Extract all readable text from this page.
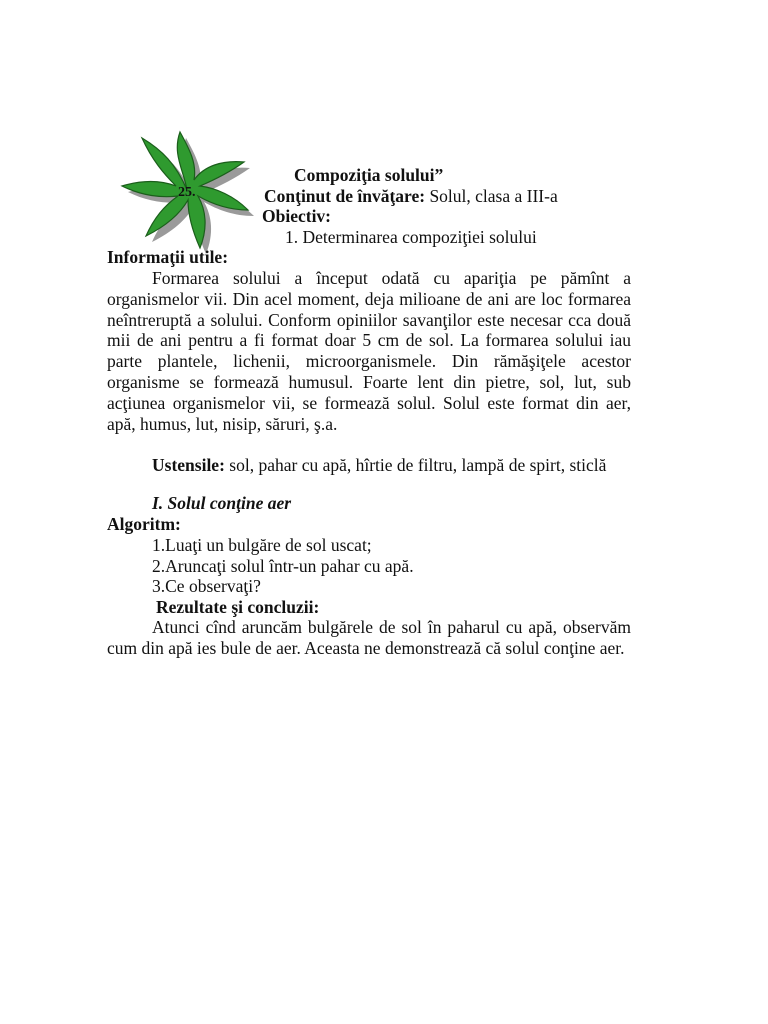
25.
Compoziţia solului”
Conţinut de învăţare: Solul, clasa a III-a
Obiectiv:
1. Determinarea compoziţiei solului
Informaţii utile:
Formarea solului a început odată cu apariţia pe pămînt a organismelor vii. Din acel moment, deja milioane de ani are loc formarea neîntreruptă a solului. Conform opiniilor savanţilor este necesar cca două mii de ani pentru a fi format doar 5 cm de sol. La formarea solului iau parte plantele, lichenii, microorganismele. Din rămăşiţele acestor organisme se formează humusul. Foarte lent din pietre, sol, lut, sub acţiunea organismelor vii, se formează solul. Solul este format din aer, apă, humus, lut, nisip, săruri, ş.a.
Ustensile: sol, pahar cu apă, hîrtie de filtru, lampă de spirt, sticlă
I. Solul conţine aer
Algoritm:
1.Luaţi un bulgăre de sol uscat;
2.Aruncaţi solul într-un pahar cu apă.
3.Ce observaţi?
Rezultate şi concluzii:
Atunci cînd aruncăm bulgărele de sol în paharul cu apă, observăm cum din apă ies bule de aer. Aceasta ne demonstrează că solul conţine aer.
